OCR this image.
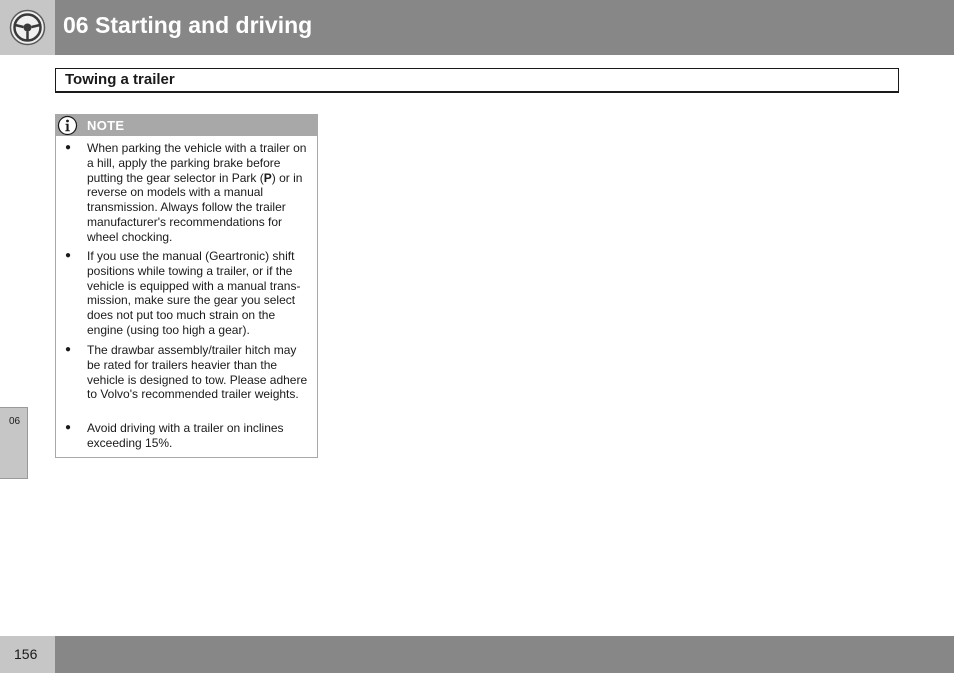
06 Starting and driving
Towing a trailer
NOTE
● When parking the vehicle with a trailer on a hill, apply the parking brake before putting the gear selector in Park (P) or in reverse on models with a manual transmission. Always follow the trailer manufacturer's recommendations for wheel chocking.
● If you use the manual (Geartronic) shift positions while towing a trailer, or if the vehicle is equipped with a manual trans-mission, make sure the gear you select does not put too much strain on the engine (using too high a gear).
● The drawbar assembly/trailer hitch may be rated for trailers heavier than the vehicle is designed to tow. Please adhere to Volvo's recommended trailer weights.
● Avoid driving with a trailer on inclines exceeding 15%.
06
156
